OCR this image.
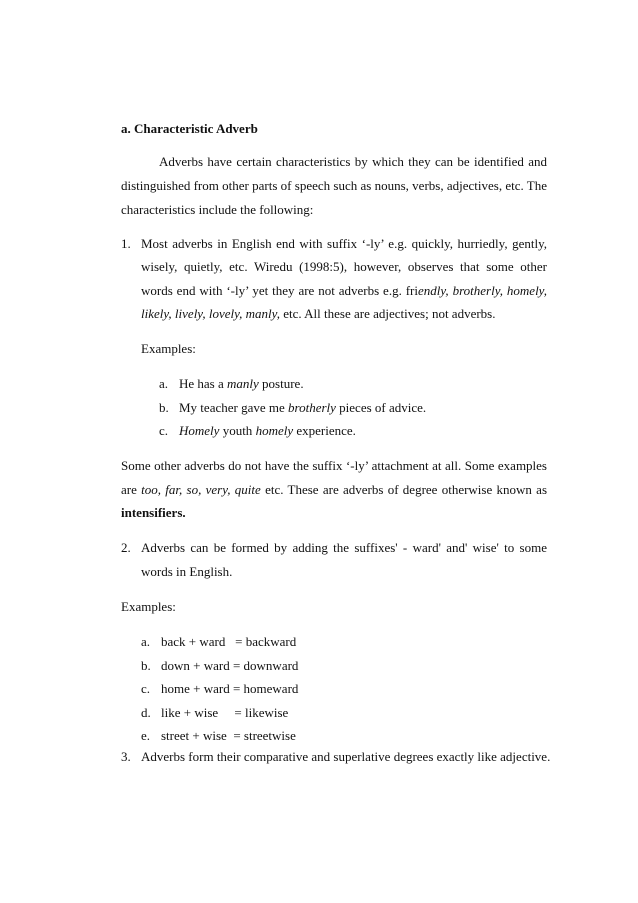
a. Characteristic Adverb
Adverbs have certain characteristics by which they can be identified and
distinguished from other parts of speech such as nouns, verbs, adjectives, etc. The
characteristics include the following:
1. Most adverbs in English end with suffix ‘-ly’ e.g. quickly, hurriedly, gently,
wisely, quietly, etc. Wiredu (1998:5), however, observes that some other
words end with ‘-ly’ yet they are not adverbs e.g. friendly, brotherly, homely,
likely, lively, lovely, manly, etc. All these are adjectives; not adverbs.
Examples:
a. He has a manly posture.
b. My teacher gave me brotherly pieces of advice.
c. Homely youth homely experience.
Some other adverbs do not have the suffix ‘-ly’ attachment at all. Some examples
are too, far, so, very, quite etc. These are adverbs of degree otherwise known as
intensifiers.
2. Adverbs can be formed by adding the suffixes' - ward' and' wise' to some
words in English.
Examples:
a. back + ward   = backward
b. down + ward = downward
c. home + ward = homeward
d. like + wise     = likewise
e. street + wise  = streetwise
3. Adverbs form their comparative and superlative degrees exactly like adjective.
